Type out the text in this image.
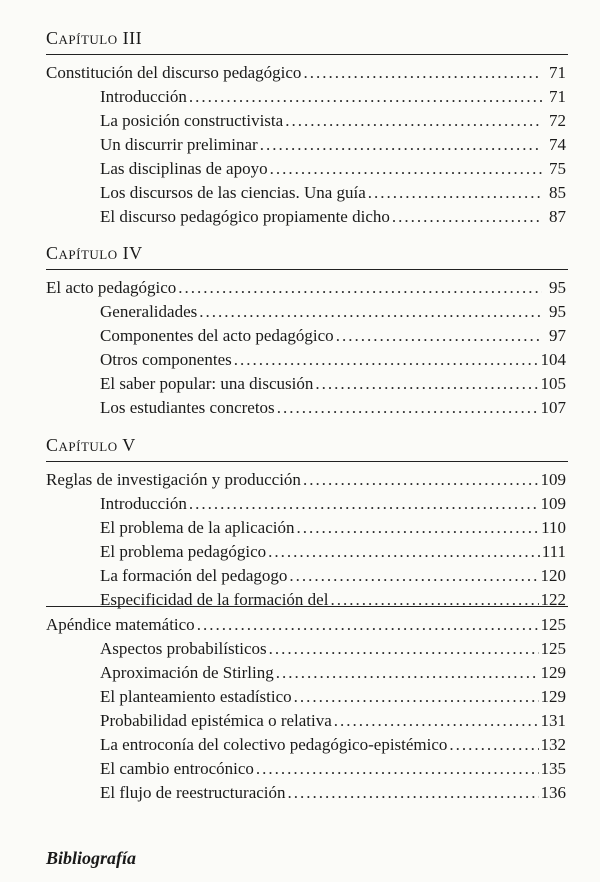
Capítulo III
Constitución del discurso pedagógico .....	71
Introducción .....	71
La posición constructivista .....	72
Un discurrir preliminar .....	74
Las disciplinas de apoyo .....	75
Los discursos de las ciencias. Una guía .....	85
El discurso pedagógico propiamente dicho .....	87
Capítulo IV
El acto pedagógico .....	95
Generalidades .....	95
Componentes del acto pedagógico .....	97
Otros componentes .....	104
El saber popular: una discusión .....	105
Los estudiantes concretos .....	107
Capítulo V
Reglas de investigación y producción .....	109
Introducción .....	109
El problema de la aplicación .....	110
El problema pedagógico .....	111
La formación del pedagogo .....	120
Especificidad de la formación del .....	122
Apéndice matemático .....	125
Aspectos probabilísticos .....	125
Aproximación de Stirling .....	129
El planteamiento estadístico .....	129
Probabilidad epistémica o relativa .....	131
La entroconía del colectivo pedagógico-epistémico .....	132
El cambio entrocónico .....	135
El flujo de reestructuración .....	136
Bibliografía
